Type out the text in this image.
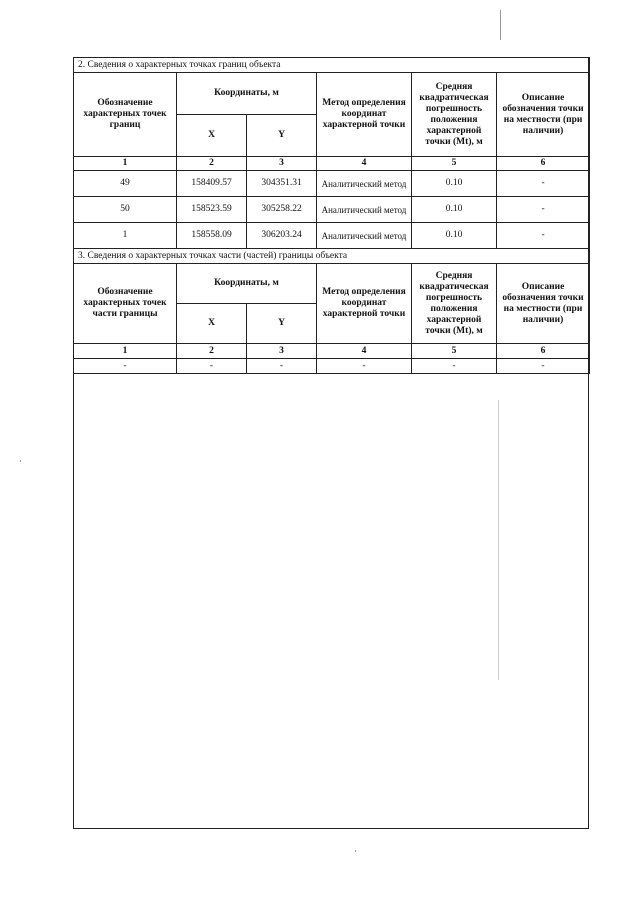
2. Сведения о характерных точках границ объекта					
Обозначение характерных точек границ	Координаты, м		Метод определения координат характерной точки	Средняя квадратическая погрешность положения характерной точки (Mt), м	Описание обозначения точки на местности (при наличии)
	X	Y			
1	2	3	4	5	6
49	158409.57	304351.31	Аналитический метод	0.10	-
50	158523.59	305258.22	Аналитический метод	0.10	-
1	158558.09	306203.24	Аналитический метод	0.10	-
3. Сведения о характерных точках части (частей) границы объекта					
Обозначение характерных точек части границы	Координаты, м		Метод определения координат характерной точки	Средняя квадратическая погрешность положения характерной точки (Mt), м	Описание обозначения точки на местности (при наличии)
	X	Y			
1	2	3	4	5	6
-	-	-	-	-	-
